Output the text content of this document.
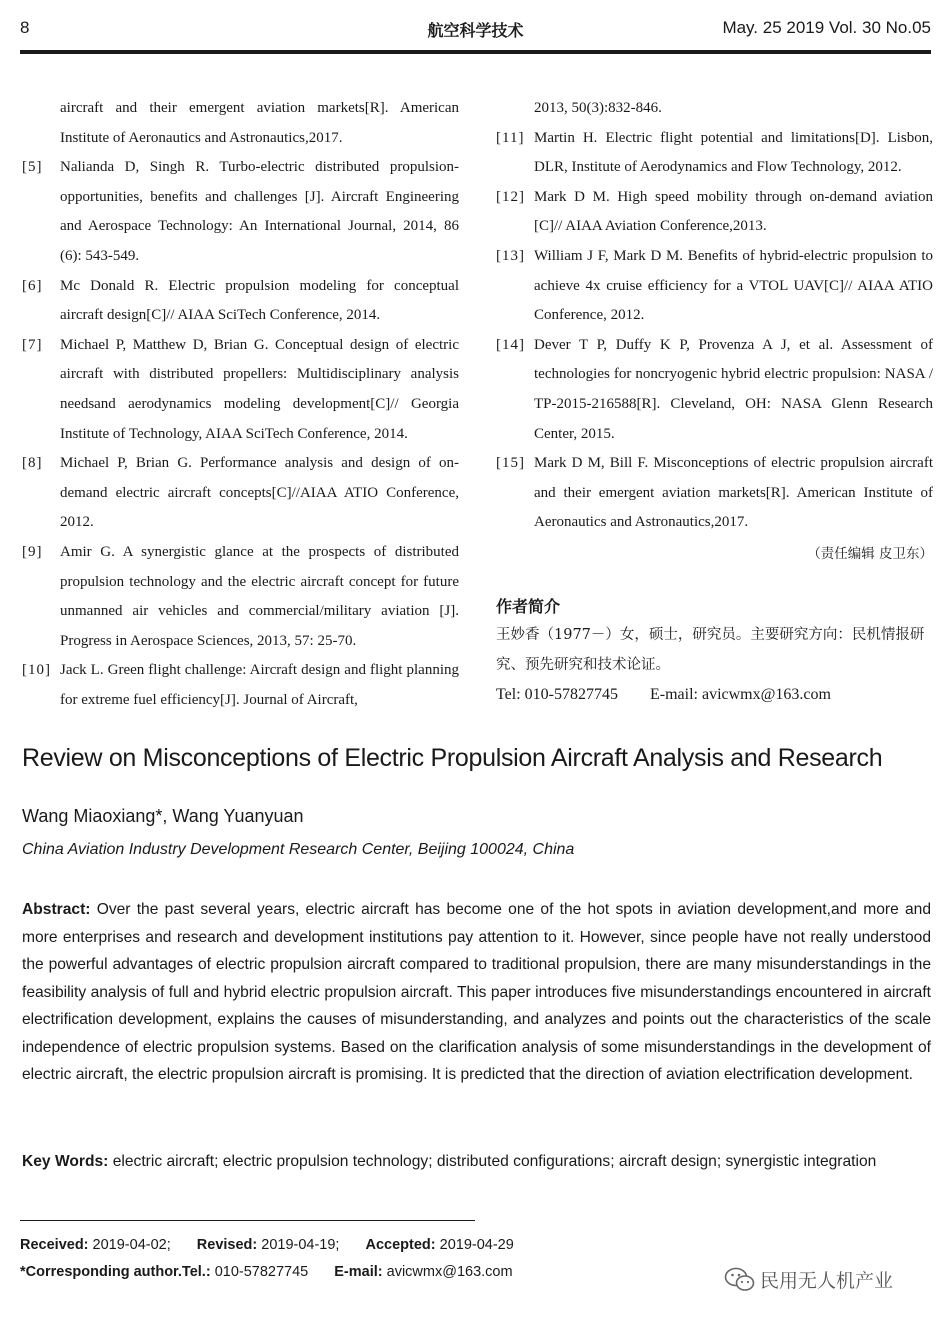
8	航空科学技术	May. 25 2019 Vol. 30 No.05
aircraft and their emergent aviation markets[R]. American Institute of Aeronautics and Astronautics,2017.
[5] Nalianda D, Singh R. Turbo-electric distributed propulsion-opportunities, benefits and challenges [J]. Aircraft Engineering and Aerospace Technology: An International Journal, 2014, 86 (6): 543-549.
[6] Mc Donald R. Electric propulsion modeling for conceptual aircraft design[C]// AIAA SciTech Conference, 2014.
[7] Michael P, Matthew D, Brian G. Conceptual design of electric aircraft with distributed propellers: Multidisciplinary analysis needsand aerodynamics modeling development[C]// Georgia Institute of Technology, AIAA SciTech Conference, 2014.
[8] Michael P, Brian G. Performance analysis and design of on-demand electric aircraft concepts[C]//AIAA ATIO Conference, 2012.
[9] Amir G. A synergistic glance at the prospects of distributed propulsion technology and the electric aircraft concept for future unmanned air vehicles and commercial/military aviation [J]. Progress in Aerospace Sciences, 2013, 57: 25-70.
[10] Jack L. Green flight challenge: Aircraft design and flight planning for extreme fuel efficiency[J]. Journal of Aircraft,
2013, 50(3):832-846.
[11] Martin H. Electric flight potential and limitations[D]. Lisbon, DLR, Institute of Aerodynamics and Flow Technology, 2012.
[12] Mark D M. High speed mobility through on-demand aviation [C]// AIAA Aviation Conference,2013.
[13] William J F, Mark D M. Benefits of hybrid-electric propulsion to achieve 4x cruise efficiency for a VTOL UAV[C]// AIAA ATIO Conference, 2012.
[14] Dever T P, Duffy K P, Provenza A J, et al. Assessment of technologies for noncryogenic hybrid electric propulsion: NASA / TP-2015-216588[R]. Cleveland, OH: NASA Glenn Research Center, 2015.
[15] Mark D M, Bill F. Misconceptions of electric propulsion aircraft and their emergent aviation markets[R]. American Institute of Aeronautics and Astronautics,2017.
（责任编辑 皮卫东）
作者简介
王妙香（1977－）女，硕士，研究员。主要研究方向：民机情报研究、预先研究和技术论证。
Tel: 010-57827745 E-mail: avicwmx@163.com
Review on Misconceptions of Electric Propulsion Aircraft Analysis and Research
Wang Miaoxiang*, Wang Yuanyuan
China Aviation Industry Development Research Center, Beijing 100024, China
Abstract: Over the past several years, electric aircraft has become one of the hot spots in aviation development,and more and more enterprises and research and development institutions pay attention to it. However, since people have not really understood the powerful advantages of electric propulsion aircraft compared to traditional propulsion, there are many misunderstandings in the feasibility analysis of full and hybrid electric propulsion aircraft. This paper introduces five misunderstandings encountered in aircraft electrification development, explains the causes of misunderstanding, and analyzes and points out the characteristics of the scale independence of electric propulsion systems. Based on the clarification analysis of some misunderstandings in the development of electric aircraft, the electric propulsion aircraft is promising. It is predicted that the direction of aviation electrification development.
Key Words: electric aircraft; electric propulsion technology; distributed configurations; aircraft design; synergistic integration
Received: 2019-04-02; Revised: 2019-04-19; Accepted: 2019-04-29
*Corresponding author.Tel.: 010-57827745 E-mail: avicwmx@163.com	民用无人机产业
